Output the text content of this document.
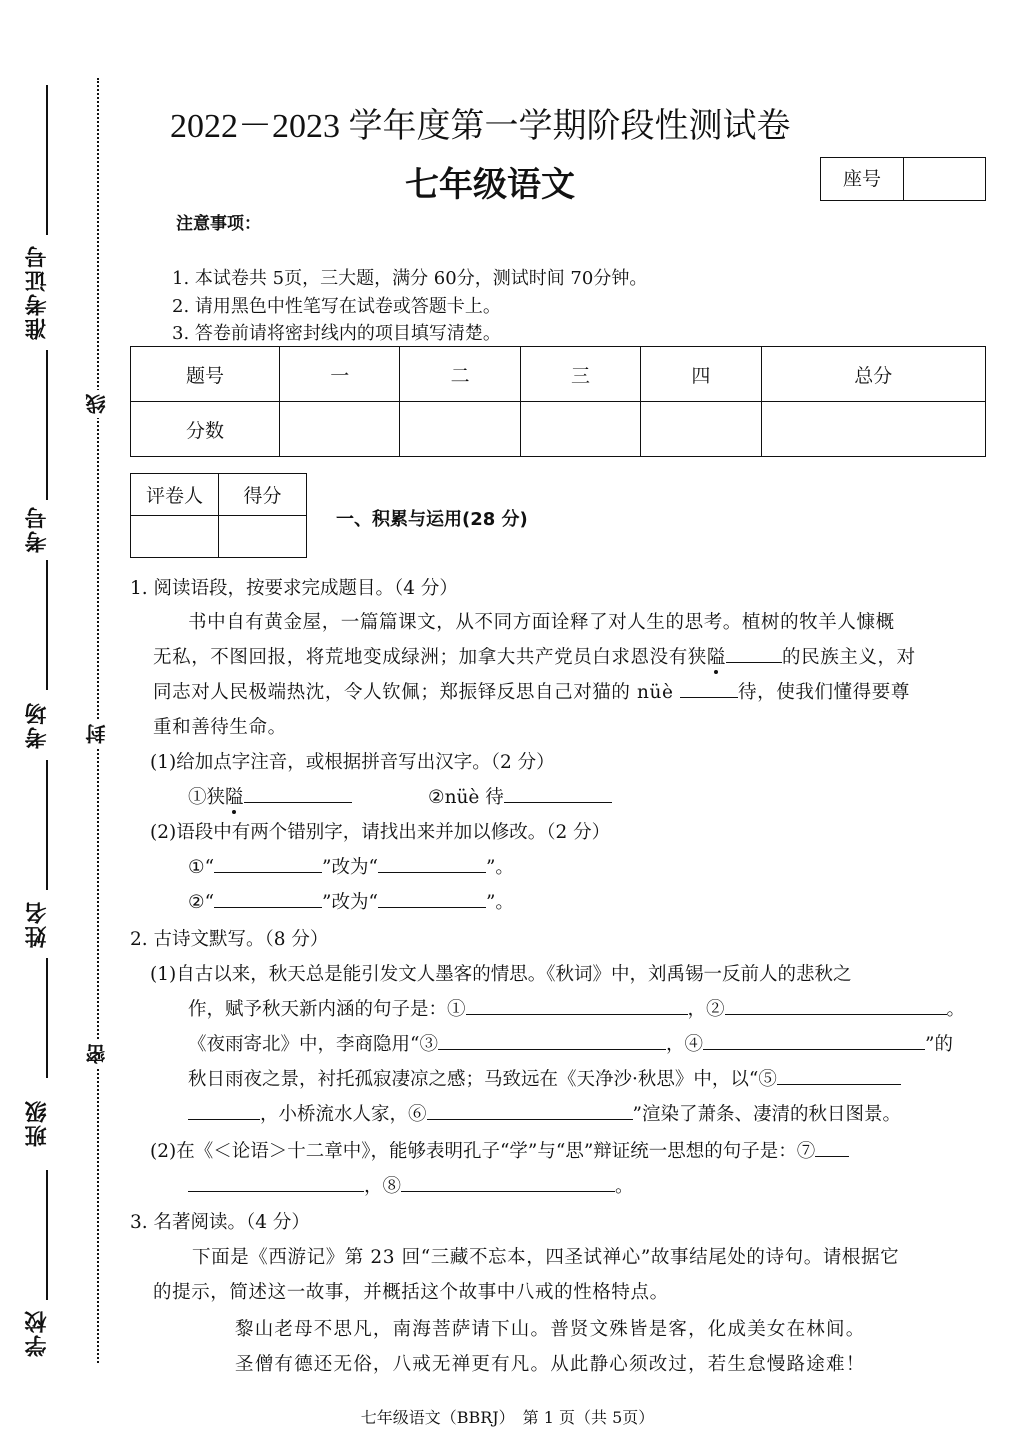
准考证号
考号
考场
姓名
班级
学校
线
封
密
2022－2023 学年度第一学期阶段性测试卷
七年级语文	座号
注意事项：
1. 本试卷共 5页，三大题，满分 60分，测试时间 70分钟。
2. 请用黑色中性笔写在试卷或答题卡上。
3. 答卷前请将密封线内的项目填写清楚。
题号	一	二	三	四	总分
分数					
评卷人	得分

一、积累与运用(28 分)
1. 阅读语段，按要求完成题目。（4 分）
书中自有黄金屋，一篇篇课文，从不同方面诠释了对人生的思考。植树的牧羊人慷概
无私，不图回报，将荒地变成绿洲；加拿大共产党员白求恩没有狭隘	的民族主义，对
同志对人民极端热沈，令人钦佩；郑振铎反思自己对猫的 nüè	待，使我们懂得要尊
重和善待生命。
(1)给加点字注音，或根据拼音写出汉字。（2 分）
①狭隘	②nüè 待
(2)语段中有两个错别字，请找出来并加以修改。（2 分）
①“	”改为“	”。
②“	”改为“	”。
2. 古诗文默写。（8 分）
(1)自古以来，秋天总是能引发文人墨客的情思。《秋词》中，刘禹锡一反前人的悲秋之
作，赋予秋天新内涵的句子是：①	，②	。
《夜雨寄北》中，李商隐用“③	，④	”的
秋日雨夜之景，衬托孤寂凄凉之感；马致远在《天净沙·秋思》中，以“⑤
，小桥流水人家，⑥	”渲染了萧条、凄清的秋日图景。
(2)在《＜论语＞十二章中》，能够表明孔子“学”与“思”辩证统一思想的句子是：⑦
，⑧	。
3. 名著阅读。（4 分）
下面是《西游记》第 23 回“三藏不忘本，四圣试禅心”故事结尾处的诗句。请根据它
的提示，简述这一故事，并概括这个故事中八戒的性格特点。
黎山老母不思凡，南海菩萨请下山。普贤文殊皆是客，化成美女在林间。
圣僧有德还无俗，八戒无禅更有凡。从此静心须改过，若生怠慢路途难！
七年级语文（BBRJ）　第 1 页（共 5页）
